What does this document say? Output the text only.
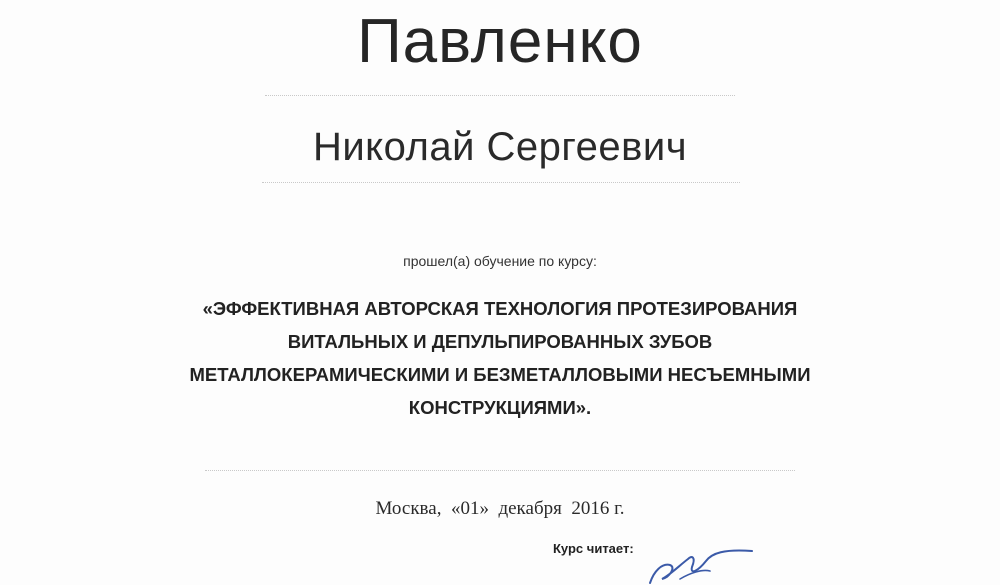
Павленко
Николай Сергеевич
прошел(а) обучение по курсу:
«ЭФФЕКТИВНАЯ АВТОРСКАЯ ТЕХНОЛОГИЯ ПРОТЕЗИРОВАНИЯ
ВИТАЛЬНЫХ И ДЕПУЛЬПИРОВАННЫХ ЗУБОВ
МЕТАЛЛОКЕРАМИЧЕСКИМИ И БЕЗМЕТАЛЛОВЫМИ НЕСЪЕМНЫМИ
КОНСТРУКЦИЯМИ».
Москва,  «01»  декабря  2016 г.
Курс читает:
